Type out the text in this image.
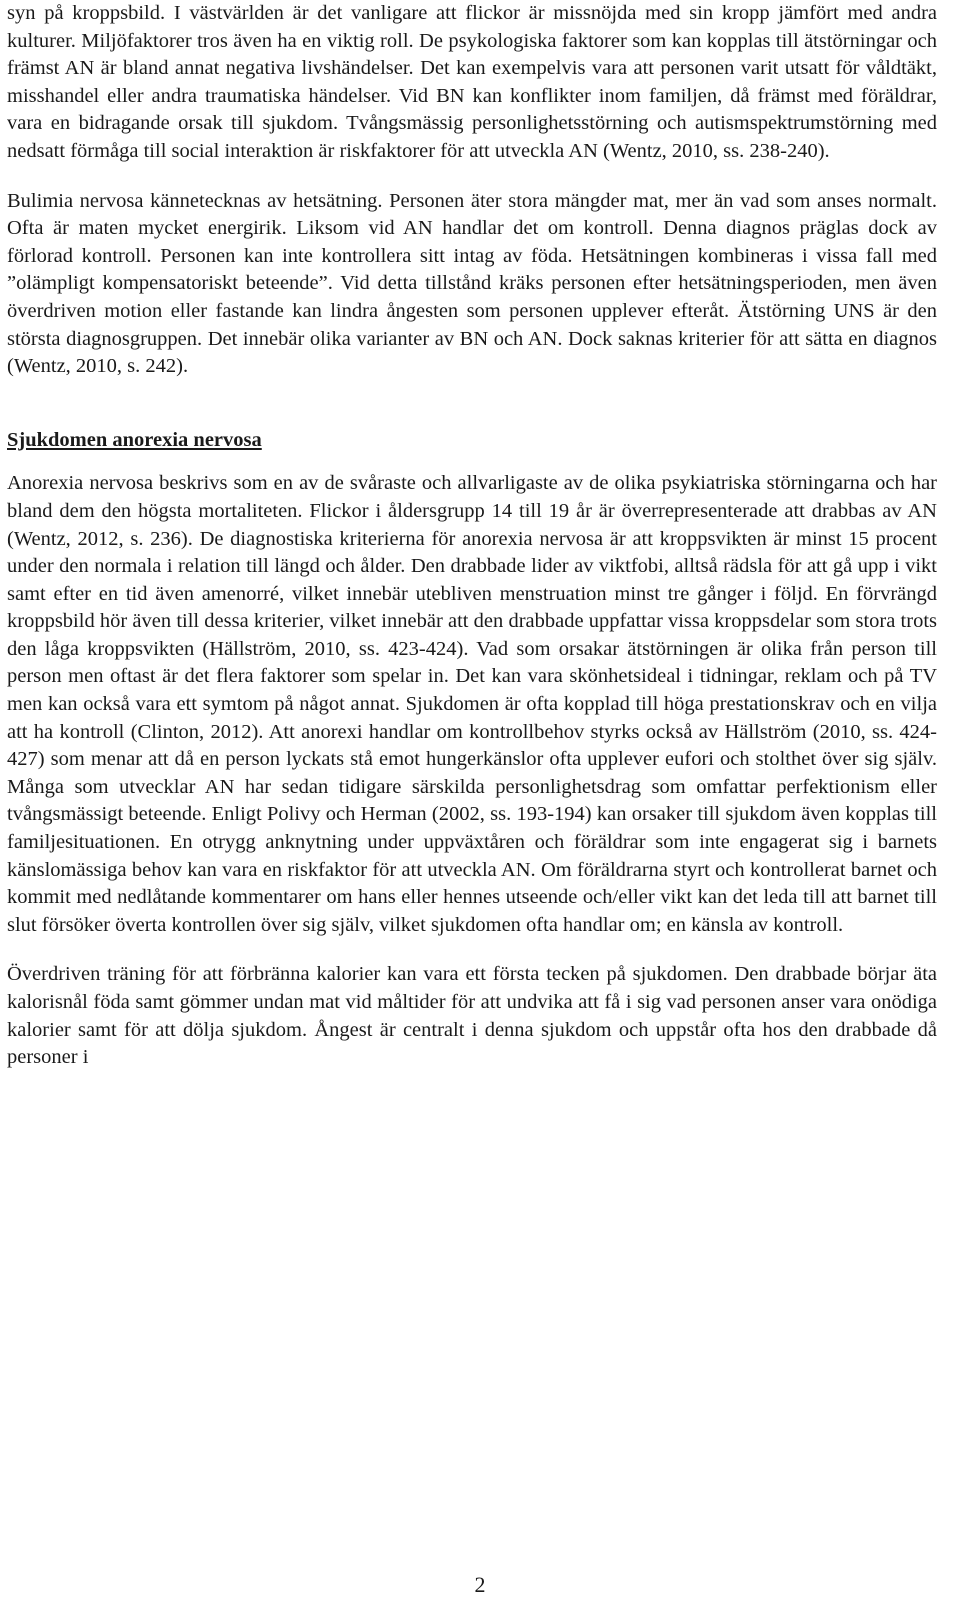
syn på kroppsbild. I västvärlden är det vanligare att flickor är missnöjda med sin kropp jämfört med andra kulturer. Miljöfaktorer tros även ha en viktig roll. De psykologiska faktorer som kan kopplas till ätstörningar och främst AN är bland annat negativa livshändelser. Det kan exempelvis vara att personen varit utsatt för våldtäkt, misshandel eller andra traumatiska händelser. Vid BN kan konflikter inom familjen, då främst med föräldrar, vara en bidragande orsak till sjukdom. Tvångsmässig personlighetsstörning och autismspektrumstörning med nedsatt förmåga till social interaktion är riskfaktorer för att utveckla AN (Wentz, 2010, ss. 238-240).

Bulimia nervosa kännetecknas av hetsätning. Personen äter stora mängder mat, mer än vad som anses normalt. Ofta är maten mycket energirik. Liksom vid AN handlar det om kontroll. Denna diagnos präglas dock av förlorad kontroll. Personen kan inte kontrollera sitt intag av föda. Hetsätningen kombineras i vissa fall med ”olämpligt kompensatoriskt beteende”. Vid detta tillstånd kräks personen efter hetsätningsperioden, men även överdriven motion eller fastande kan lindra ångesten som personen upplever efteråt. Ätstörning UNS är den största diagnosgruppen. Det innebär olika varianter av BN och AN. Dock saknas kriterier för att sätta en diagnos (Wentz, 2010, s. 242).

Sjukdomen anorexia nervosa

Anorexia nervosa beskrivs som en av de svåraste och allvarligaste av de olika psykiatriska störningarna och har bland dem den högsta mortaliteten. Flickor i åldersgrupp 14 till 19 år är överrepresenterade att drabbas av AN (Wentz, 2012, s. 236). De diagnostiska kriterierna för anorexia nervosa är att kroppsvikten är minst 15 procent under den normala i relation till längd och ålder. Den drabbade lider av viktfobi, alltså rädsla för att gå upp i vikt samt efter en tid även amenorré, vilket innebär utebliven menstruation minst tre gånger i följd. En förvrängd kroppsbild hör även till dessa kriterier, vilket innebär att den drabbade uppfattar vissa kroppsdelar som stora trots den låga kroppsvikten (Hällström, 2010, ss. 423-424). Vad som orsakar ätstörningen är olika från person till person men oftast är det flera faktorer som spelar in. Det kan vara skönhetsideal i tidningar, reklam och på TV men kan också vara ett symtom på något annat. Sjukdomen är ofta kopplad till höga prestationskrav och en vilja att ha kontroll (Clinton, 2012). Att anorexi handlar om kontrollbehov styrks också av Hällström (2010, ss. 424-427) som menar att då en person lyckats stå emot hungerkänslor ofta upplever eufori och stolthet över sig själv. Många som utvecklar AN har sedan tidigare särskilda personlighetsdrag som omfattar perfektionism eller tvångsmässigt beteende. Enligt Polivy och Herman (2002, ss. 193-194) kan orsaker till sjukdom även kopplas till familjesituationen. En otrygg anknytning under uppväxtåren och föräldrar som inte engagerat sig i barnets känslomässiga behov kan vara en riskfaktor för att utveckla AN. Om föräldrarna styrt och kontrollerat barnet och kommit med nedlåtande kommentarer om hans eller hennes utseende och/eller vikt kan det leda till att barnet till slut försöker överta kontrollen över sig själv, vilket sjukdomen ofta handlar om; en känsla av kontroll.

Överdriven träning för att förbränna kalorier kan vara ett första tecken på sjukdomen. Den drabbade börjar äta kalorisnål föda samt gömmer undan mat vid måltider för att undvika att få i sig vad personen anser vara onödiga kalorier samt för att dölja sjukdom. Ångest är centralt i denna sjukdom och uppstår ofta hos den drabbade då personer i

2
